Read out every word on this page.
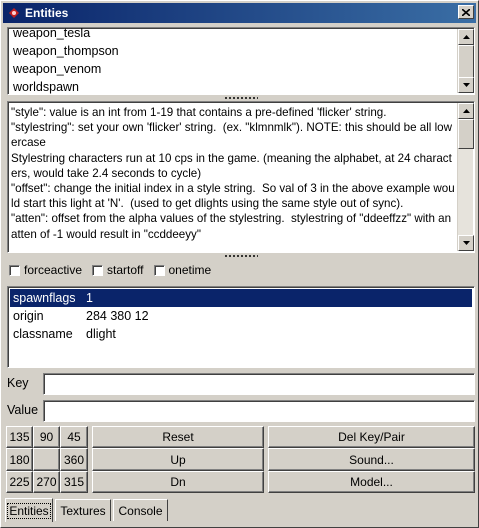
Entities
weapon_tesla
weapon_thompson
weapon_venom
worldspawn
"style": value is an int from 1-19 that contains a pre-defined 'flicker' string.
"stylestring": set your own 'flicker' string.  (ex. "klmnmlk"). NOTE: this should be all lowercase
Stylestring characters run at 10 cps in the game. (meaning the alphabet, at 24 characters, would take 2.4 seconds to cycle)
"offset": change the initial index in a style string.  So val of 3 in the above example would start this light at 'N'.  (used to get dlights using the same style out of sync).
"atten": offset from the alpha values of the stylestring.  stylestring of "ddeeffzz" with an atten of -1 would result in "ccddeeyy"
forceactive startoff onetime
spawnflags 1
origin	284 380 12
classname	dlight
Key
Value
135 90	45
180	360
225 270 315
Reset
Up
Dn
Del Key/Pair
Sound...
Model...
Entities Textures Console
